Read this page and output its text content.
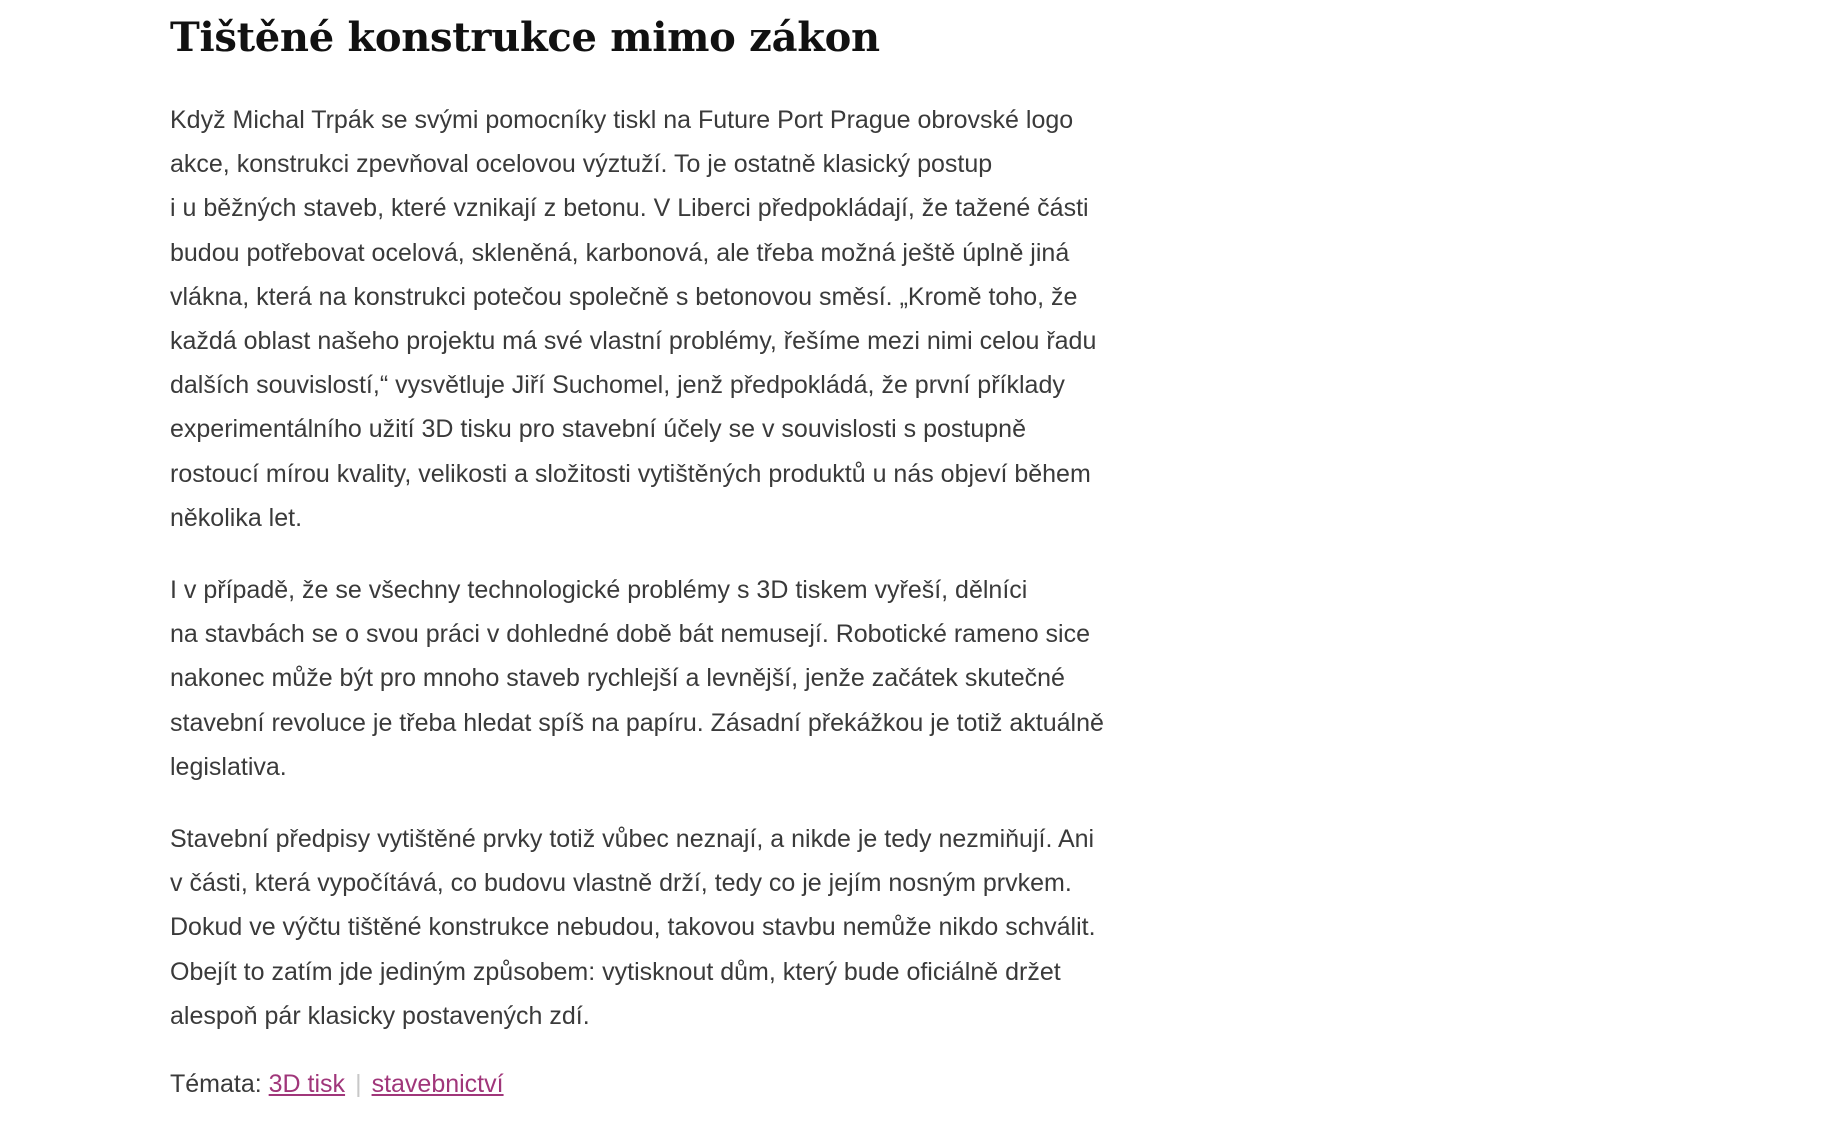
Tištěné konstrukce mimo zákon

Když Michal Trpák se svými pomocníky tiskl na Future Port Prague obrovské logo
akce, konstrukci zpevňoval ocelovou výztuží. To je ostatně klasický postup
i u běžných staveb, které vznikají z betonu. V Liberci předpokládají, že tažené části
budou potřebovat ocelová, skleněná, karbonová, ale třeba možná ještě úplně jiná
vlákna, která na konstrukci potečou společně s betonovou směsí. „Kromě toho, že
každá oblast našeho projektu má své vlastní problémy, řešíme mezi nimi celou řadu
dalších souvislostí,“ vysvětluje Jiří Suchomel, jenž předpokládá, že první příklady
experimentálního užití 3D tisku pro stavební účely se v souvislosti s postupně
rostoucí mírou kvality, velikosti a složitosti vytištěných produktů u nás objeví během
několika let.

I v případě, že se všechny technologické problémy s 3D tiskem vyřeší, dělníci
na stavbách se o svou práci v dohledné době bát nemusejí. Robotické rameno sice
nakonec může být pro mnoho staveb rychlejší a levnější, jenže začátek skutečné
stavební revoluce je třeba hledat spíš na papíru. Zásadní překážkou je totiž aktuálně
legislativa.

Stavební předpisy vytištěné prvky totiž vůbec neznají, a nikde je tedy nezmiňují. Ani
v části, která vypočítává, co budovu vlastně drží, tedy co je jejím nosným prvkem.
Dokud ve výčtu tištěné konstrukce nebudou, takovou stavbu nemůže nikdo schválit.
Obejít to zatím jde jediným způsobem: vytisknout dům, který bude oficiálně držet
alespoň pár klasicky postavených zdí.

Témata: 3D tisk | stavebnictví
